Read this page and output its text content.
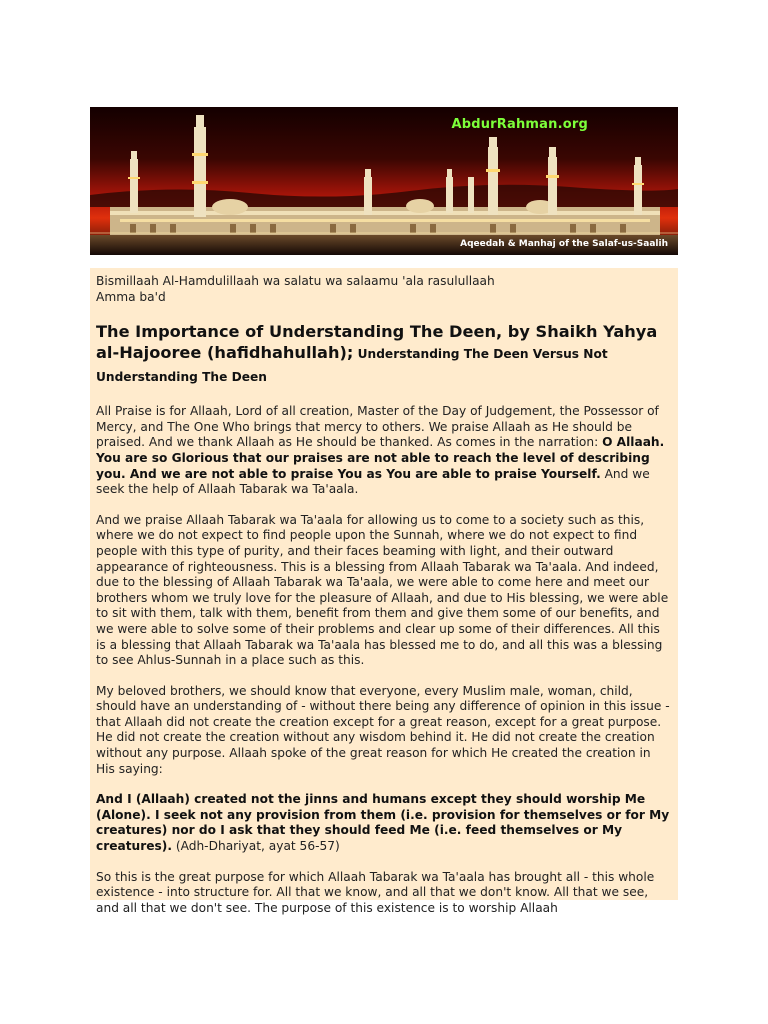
AbdurRahman.org
Aqeedah & Manhaj of the Salaf-us-Saalih
Bismillaah Al-Hamdulillaah wa salatu wa salaamu 'ala rasulullaah
Amma ba'd
The Importance of Understanding The Deen, by Shaikh Yahya al-Hajooree (hafidhahullah); Understanding The Deen Versus Not Understanding The Deen
All Praise is for Allaah, Lord of all creation, Master of the Day of Judgement, the Possessor of Mercy, and The One Who brings that mercy to others. We praise Allaah as He should be praised. And we thank Allaah as He should be thanked. As comes in the narration: O Allaah. You are so Glorious that our praises are not able to reach the level of describing you. And we are not able to praise You as You are able to praise Yourself. And we seek the help of Allaah Tabarak wa Ta'aala.
And we praise Allaah Tabarak wa Ta'aala for allowing us to come to a society such as this, where we do not expect to find people upon the Sunnah, where we do not expect to find people with this type of purity, and their faces beaming with light, and their outward appearance of righteousness. This is a blessing from Allaah Tabarak wa Ta'aala. And indeed, due to the blessing of Allaah Tabarak wa Ta'aala, we were able to come here and meet our brothers whom we truly love for the pleasure of Allaah, and due to His blessing, we were able to sit with them, talk with them, benefit from them and give them some of our benefits, and we were able to solve some of their problems and clear up some of their differences. All this is a blessing that Allaah Tabarak wa Ta'aala has blessed me to do, and all this was a blessing to see Ahlus-Sunnah in a place such as this.
My beloved brothers, we should know that everyone, every Muslim male, woman, child, should have an understanding of - without there being any difference of opinion in this issue - that Allaah did not create the creation except for a great reason, except for a great purpose. He did not create the creation without any wisdom behind it. He did not create the creation without any purpose. Allaah spoke of the great reason for which He created the creation in His saying:
And I (Allaah) created not the jinns and humans except they should worship Me (Alone). I seek not any provision from them (i.e. provision for themselves or for My creatures) nor do I ask that they should feed Me (i.e. feed themselves or My creatures). (Adh-Dhariyat, ayat 56-57)
So this is the great purpose for which Allaah Tabarak wa Ta'aala has brought all - this whole existence - into structure for. All that we know, and all that we don't know. All that we see, and all that we don't see. The purpose of this existence is to worship Allaah
